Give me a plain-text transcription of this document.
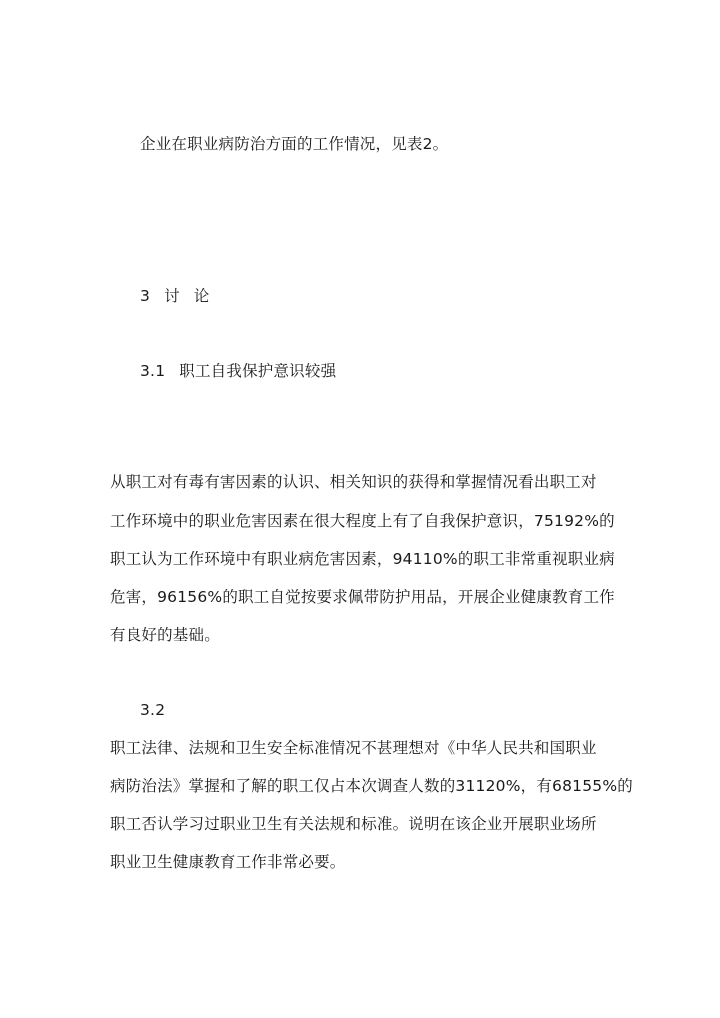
企业在职业病防治方面的工作情况，见表2。
3 讨 论
3.1 职工自我保护意识较强
从职工对有毒有害因素的认识、相关知识的获得和掌握情况看出职工对
工作环境中的职业危害因素在很大程度上有了自我保护意识，75192%的
职工认为工作环境中有职业病危害因素，94110%的职工非常重视职业病
危害，96156%的职工自觉按要求佩带防护用品，开展企业健康教育工作
有良好的基础。
3.2
职工法律、法规和卫生安全标准情况不甚理想对《中华人民共和国职业
病防治法》掌握和了解的职工仅占本次调查人数的31120%，有68155%的
职工否认学习过职业卫生有关法规和标准。说明在该企业开展职业场所
职业卫生健康教育工作非常必要。
